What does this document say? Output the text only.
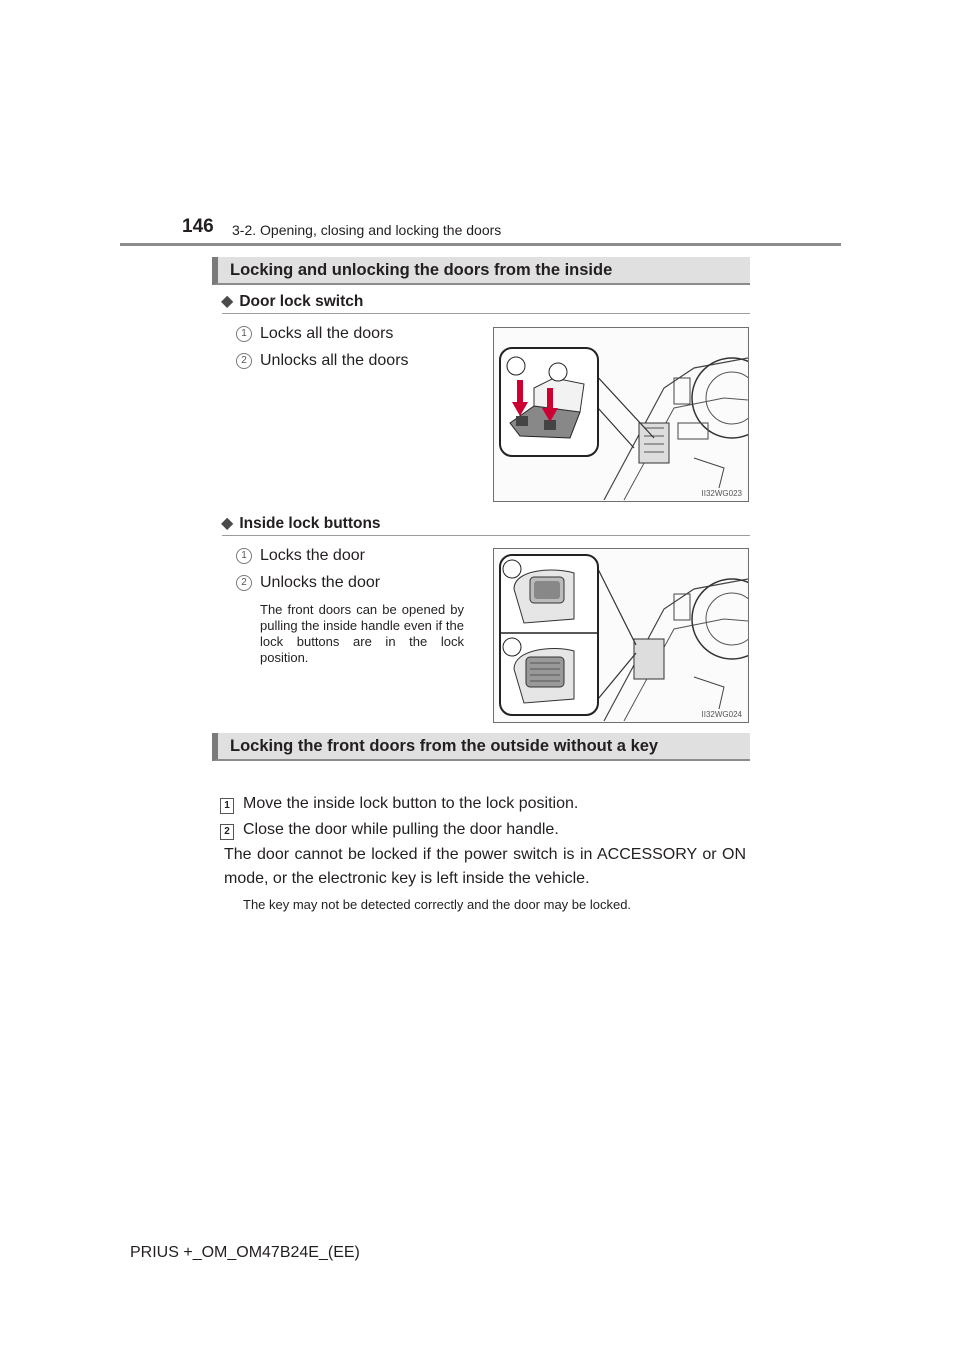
146 3-2. Opening, closing and locking the doors
Locking and unlocking the doors from the inside
◆ Door lock switch
1 Locks all the doors
2 Unlocks all the doors
II32WG023
◆ Inside lock buttons
1 Locks the door
2 Unlocks the door
The front doors can be opened by pulling the inside handle even if the lock buttons are in the lock position.
II32WG024
Locking the front doors from the outside without a key
1 Move the inside lock button to the lock position.
2 Close the door while pulling the door handle.
The door cannot be locked if the power switch is in ACCESSORY or ON mode, or the electronic key is left inside the vehicle.
The key may not be detected correctly and the door may be locked.
PRIUS +_OM_OM47B24E_(EE)
